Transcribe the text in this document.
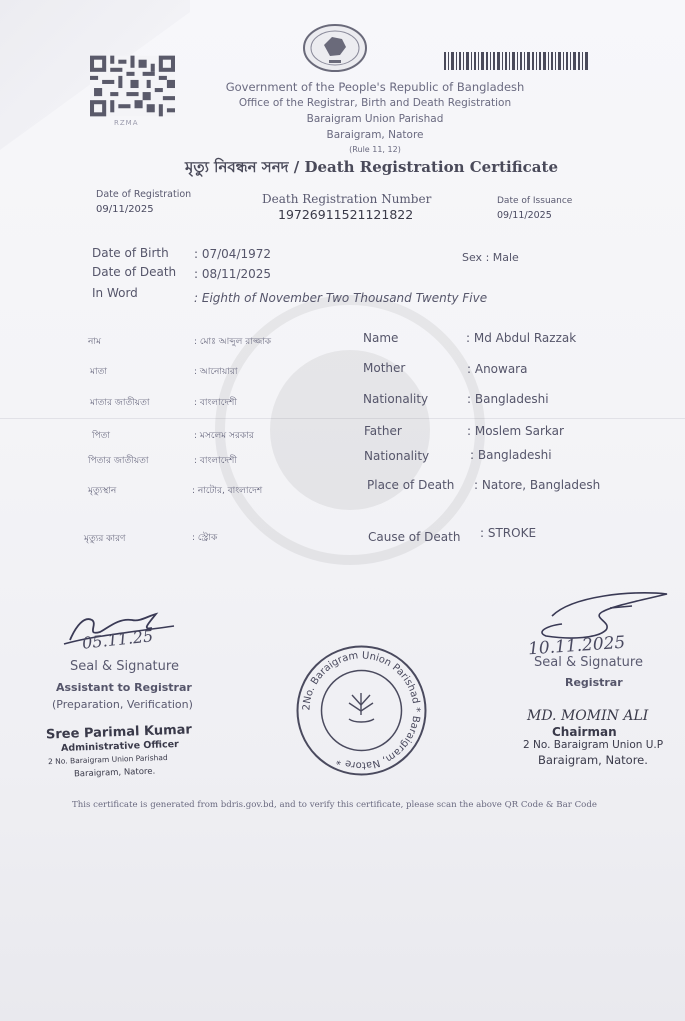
RZMA
Government of the People's Republic of Bangladesh
Office of the Registrar, Birth and Death Registration
Baraigram Union Parishad
Baraigram, Natore
(Rule 11, 12)
মৃত্যু নিবন্ধন সনদ / Death Registration Certificate
Date of Registration
09/11/2025
Death Registration Number
19726911521121822
Date of Issuance
09/11/2025
Date of Birth : 07/04/1972	Sex : Male
Date of Death : 08/11/2025
In Word	: Eighth of November Two Thousand Twenty Five
নাম	: মোঃ আব্দুল রাজ্জাক	Name	: Md Abdul Razzak
মাতা	: আনোয়ারা	Mother	: Anowara
মাতার জাতীয়তা	: বাংলাদেশী	Nationality	: Bangladeshi
পিতা	: মসলেম সরকার	Father	: Moslem Sarkar
পিতার জাতীয়তা	: বাংলাদেশী	Nationality	: Bangladeshi
মৃত্যুস্থান	: নাটোর, বাংলাদেশ	Place of Death : Natore, Bangladesh
মৃত্যুর কারণ	: স্ট্রোক	Cause of Death : STROKE
05.11.25
Seal & Signature
Assistant to Registrar
(Preparation, Verification)
Sree Parimal Kumar
Administrative Officer
2 No. Baraigram Union Parishad
Baraigram, Natore.
2No. Baraigram Union Parishad * Baraigram, Natore *
10.11.2025
Seal & Signature
Registrar
MD. MOMIN ALI
Chairman
2 No. Baraigram Union U.P
Baraigram, Natore.
This certificate is generated from bdris.gov.bd, and to verify this certificate, please scan the above QR Code & Bar Code
